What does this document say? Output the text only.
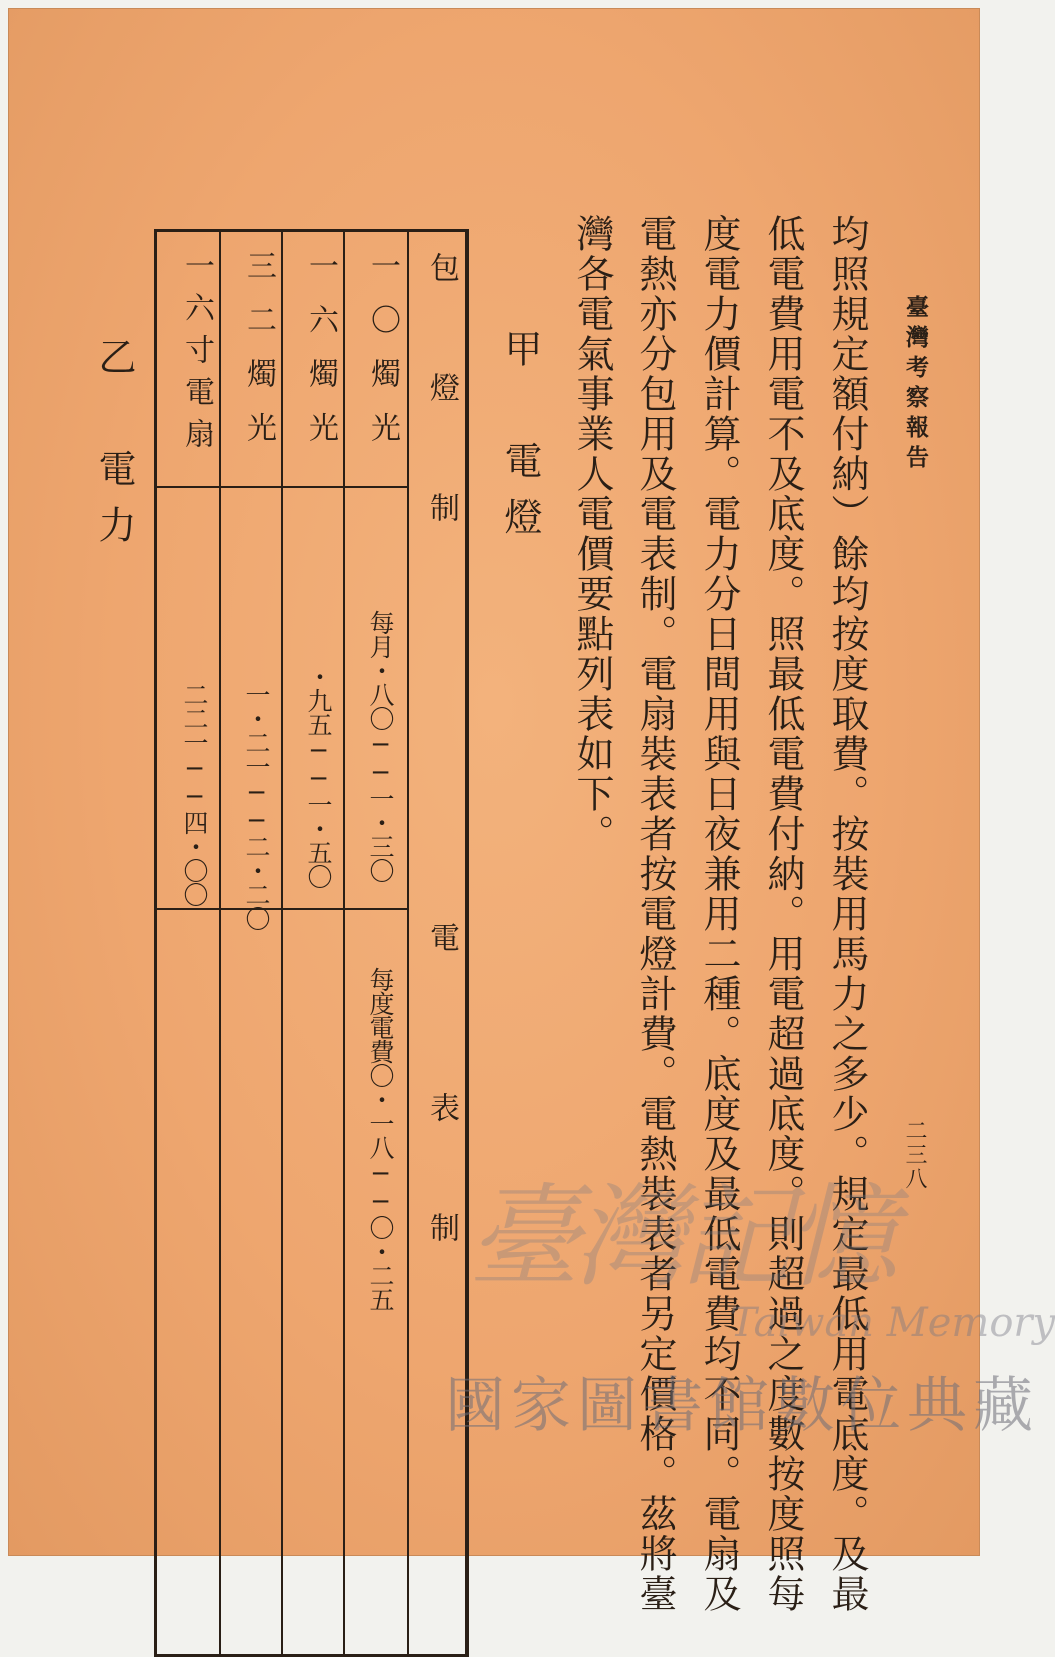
臺灣考察報告
二三八
均照規定額付納）餘均按度取費。按裝用馬力之多少。規定最低用電底度。及最
低電費用電不及底度。照最低電費付納。用電超過底度。則超過之度數按度照每
度電力價計算。電力分日間用與日夜兼用二種。底度及最低電費均不同。電扇及
電熱亦分包用及電表制。電扇裝表者按電燈計費。電熱裝表者另定價格。茲將臺
灣各電氣事業人電價要點列表如下。
甲　電燈
包　　　燈　　　制
電
表　　　制
一〇燭光
每月・八〇──一・三〇
每度電費〇・一八──〇・二五
一六燭光
・九五──一・五〇
三二燭光
一・二一──二・二〇
一六寸電扇
二二一──四・〇〇
乙　電力
臺灣記憶
Taiwan Memory
國家圖書館數位典藏
